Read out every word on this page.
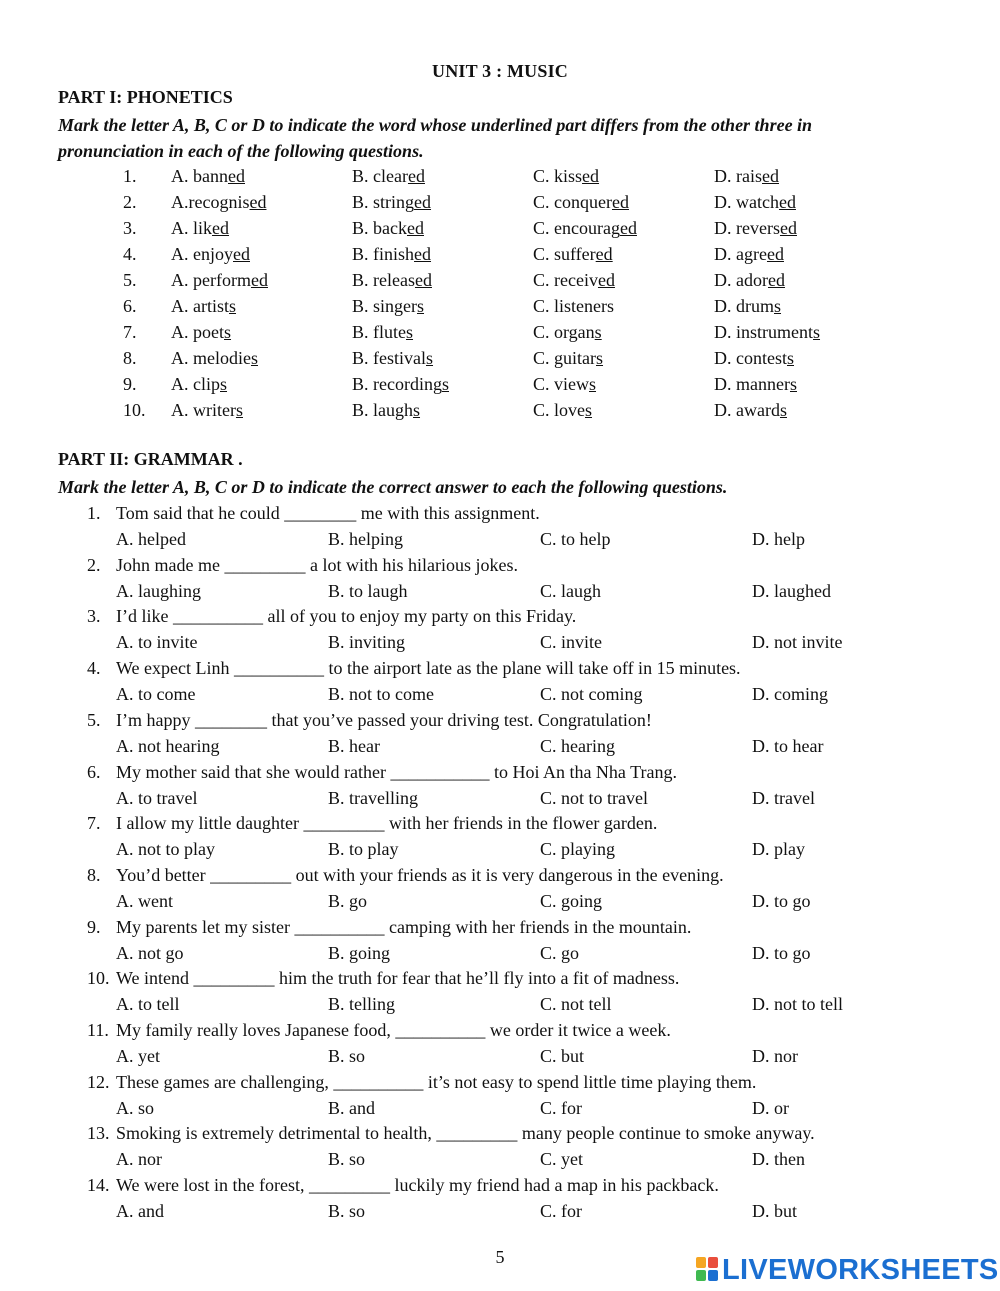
UNIT 3 : MUSIC
PART I: PHONETICS
Mark the letter A, B, C or D to indicate the word whose underlined part differs from the other three in
pronunciation in each of the following questions.
1. A. banned	B. cleared	C. kissed	D. raised
2. A.recognised	B. stringed	C. conquered	D. watched
3. A. liked	B. backed	C. encouraged	D. reversed
4. A. enjoyed	B. finished	C. suffered	D. agreed
5. A. performed	B. released	C. received	D. adored
6. A. artists	B. singers	C. listeners	D. drums
7. A. poets	B. flutes	C. organs	D. instruments
8. A. melodies	B. festivals	C. guitars	D. contests
9. A. clips	B. recordings	C. views	D. manners
10. A. writers	B. laughs	C. loves	D. awards
PART II: GRAMMAR .
Mark the letter A, B, C or D to indicate the correct answer to each the following questions.
1. Tom said that he could ________ me with this assignment.
A. helped	B. helping	C. to help	D. help
2. John made me _________ a lot with his hilarious jokes.
A. laughing	B. to laugh	C. laugh	D. laughed
3. I’d like __________ all of you to enjoy my party on this Friday.
A. to invite	B. inviting	C. invite	D. not invite
4. We expect Linh __________ to the airport late as the plane will take off in 15 minutes.
A. to come	B. not to come	C. not coming	D. coming
5. I’m happy ________ that you’ve passed your driving test. Congratulation!
A. not hearing	B. hear	C. hearing	D. to hear
6. My mother said that she would rather ___________ to Hoi An tha Nha Trang.
A. to travel	B. travelling	C. not to travel	D. travel
7. I allow my little daughter _________ with her friends in the flower garden.
A. not to play	B. to play	C. playing	D. play
8. You’d better _________ out with your friends as it is very dangerous in the evening.
A. went	B. go	C. going	D. to go
9. My parents let my sister __________ camping with her friends in the mountain.
A. not go	B. going	C. go	D. to go
10. We intend _________ him the truth for fear that he’ll fly into a fit of madness.
A. to tell	B. telling	C. not tell	D. not to tell
11. My family really loves Japanese food, __________ we order it twice a week.
A. yet	B. so	C. but	D. nor
12. These games are challenging, __________ it’s not easy to spend little time playing them.
A. so	B. and	C. for	D. or
13. Smoking is extremely detrimental to health, _________ many people continue to smoke anyway.
A. nor	B. so	C. yet	D. then
14. We were lost in the forest, _________ luckily my friend had a map in his packback.
A. and	B. so	C. for	D. but
5	LIVEWORKSHEETS
